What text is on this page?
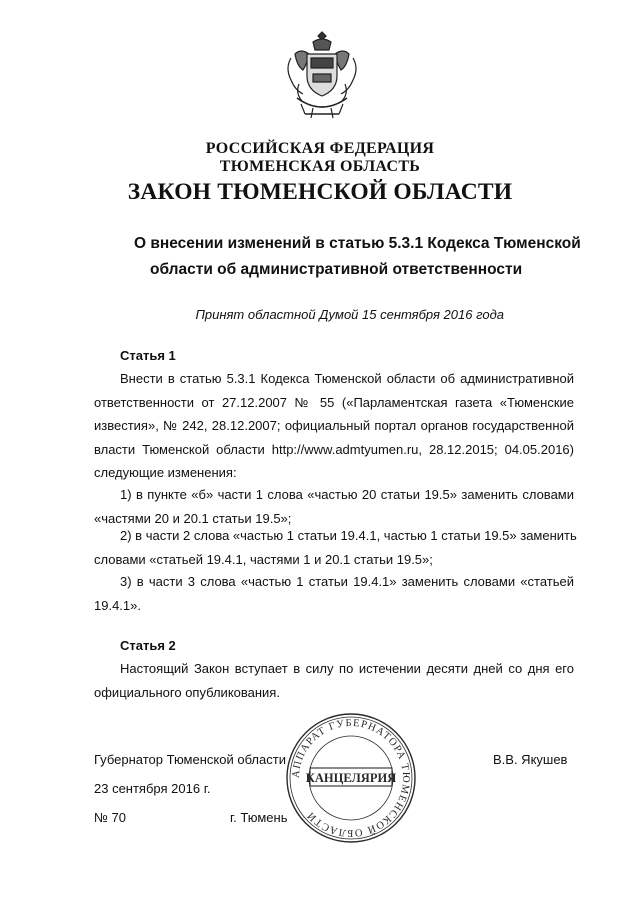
РОССИЙСКАЯ ФЕДЕРАЦИЯ
ТЮМЕНСКАЯ ОБЛАСТЬ
ЗАКОН ТЮМЕНСКОЙ ОБЛАСТИ
О внесении изменений в статью 5.3.1 Кодекса Тюменской
области об административной ответственности
Принят областной Думой 15 сентября 2016 года
Статья 1
Внести в статью 5.3.1 Кодекса Тюменской области об административной
ответственности от 27.12.2007 № 55 («Парламентская газета «Тюменские
известия», № 242, 28.12.2007; официальный портал органов государственной
власти Тюменской области http://www.admtyumen.ru, 28.12.2015; 04.05.2016)
следующие изменения:
1) в пункте «б» части 1 слова «частью 20 статьи 19.5» заменить словами
«частями 20 и 20.1 статьи 19.5»;
2) в части 2 слова «частью 1 статьи 19.4.1, частью 1 статьи 19.5» заменить
словами «статьей 19.4.1, частями 1 и 20.1 статьи 19.5»;
3) в части 3 слова «частью 1 статьи 19.4.1» заменить словами «статьей
19.4.1».
Статья 2
Настоящий Закон вступает в силу по истечении десяти дней со дня его
официального опубликования.
Губернатор Тюменской области
23 сентября 2016 г.
№ 70	г. Тюмень
В.В. Якушев
АППАРАТ ГУБЕРНАТОРА ТЮМЕНСКОЙ ОБЛАСТИ
КАНЦЕЛЯРИЯ
